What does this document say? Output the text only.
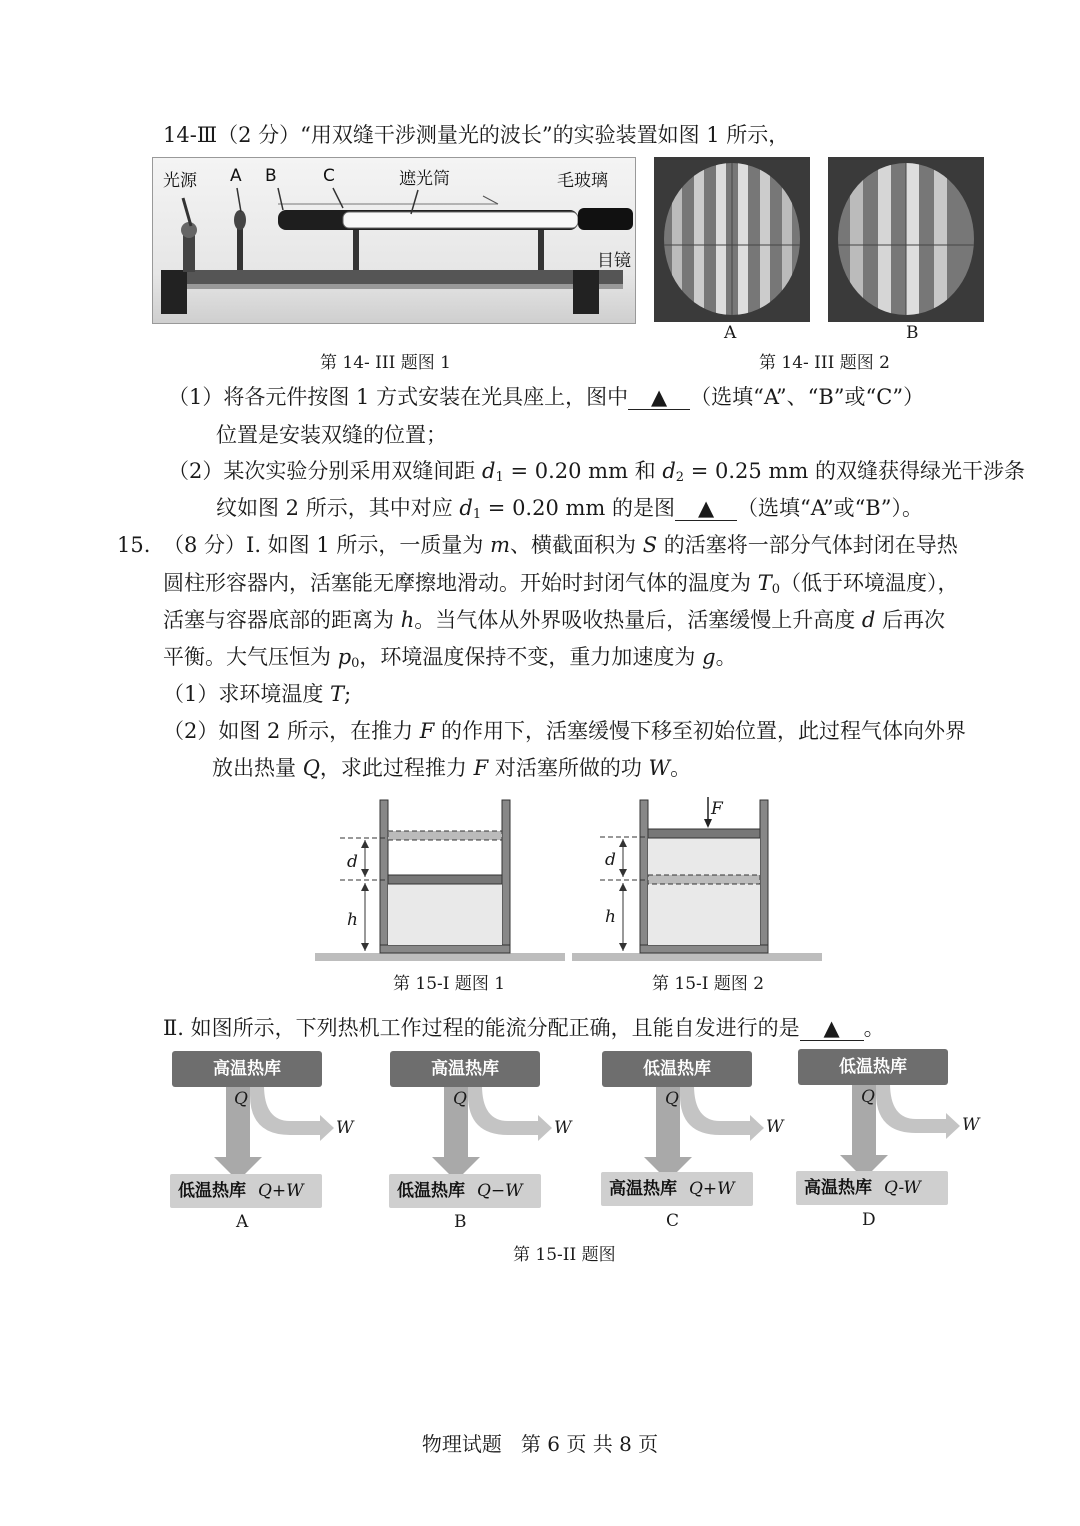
14-Ⅲ（2 分）“用双缝干涉测量光的波长”的实验装置如图 1 所示，
光源 A B	C	遮光筒	毛玻璃
目镜
第 14- III 题图 1
A	B
第 14- III 题图 2
（1）将各元件按图 1 方式安装在光具座上，图中 ▲ （选填“A”、“B”或“C”）
位置是安装双缝的位置；
（2）某次实验分别采用双缝间距 $d_1 = 0.20$ mm 和 $d_2 = 0.25$ mm 的双缝获得绿光干涉条
纹如图 2 所示，其中对应 $d_1 = 0.20$ mm 的是图 ▲ （选填“A”或“B”）。
15. （8 分）Ⅰ. 如图 1 所示，一质量为 m、横截面积为 S 的活塞将一部分气体封闭在导热
圆柱形容器内，活塞能无摩擦地滑动。开始时封闭气体的温度为 $T_0$（低于环境温度），
活塞与容器底部的距离为 h。当气体从外界吸收热量后，活塞缓慢上升高度 d 后再次
平衡。大气压恒为 $p_0$，环境温度保持不变，重力加速度为 g。
（1）求环境温度 T;
（2）如图 2 所示，在推力 F 的作用下，活塞缓慢下移至初始位置，此过程气体向外界
放出热量 Q，求此过程推力 F 对活塞所做的功 W。
d
h
d
h
F
第 15-I 题图 1	第 15-I 题图 2
Ⅱ. 如图所示，下列热机工作过程的能流分配正确，且能自发进行的是 ▲ 。
高温热库
低温热库 Q+W
Q
W
A
高温热库
低温热库 Q−W
Q
W
B
低温热库
高温热库 Q+W
Q
W
C
低温热库
高温热库 Q-W
Q
W
D
第 15-II 题图
物理试题   第 6 页 共 8 页
